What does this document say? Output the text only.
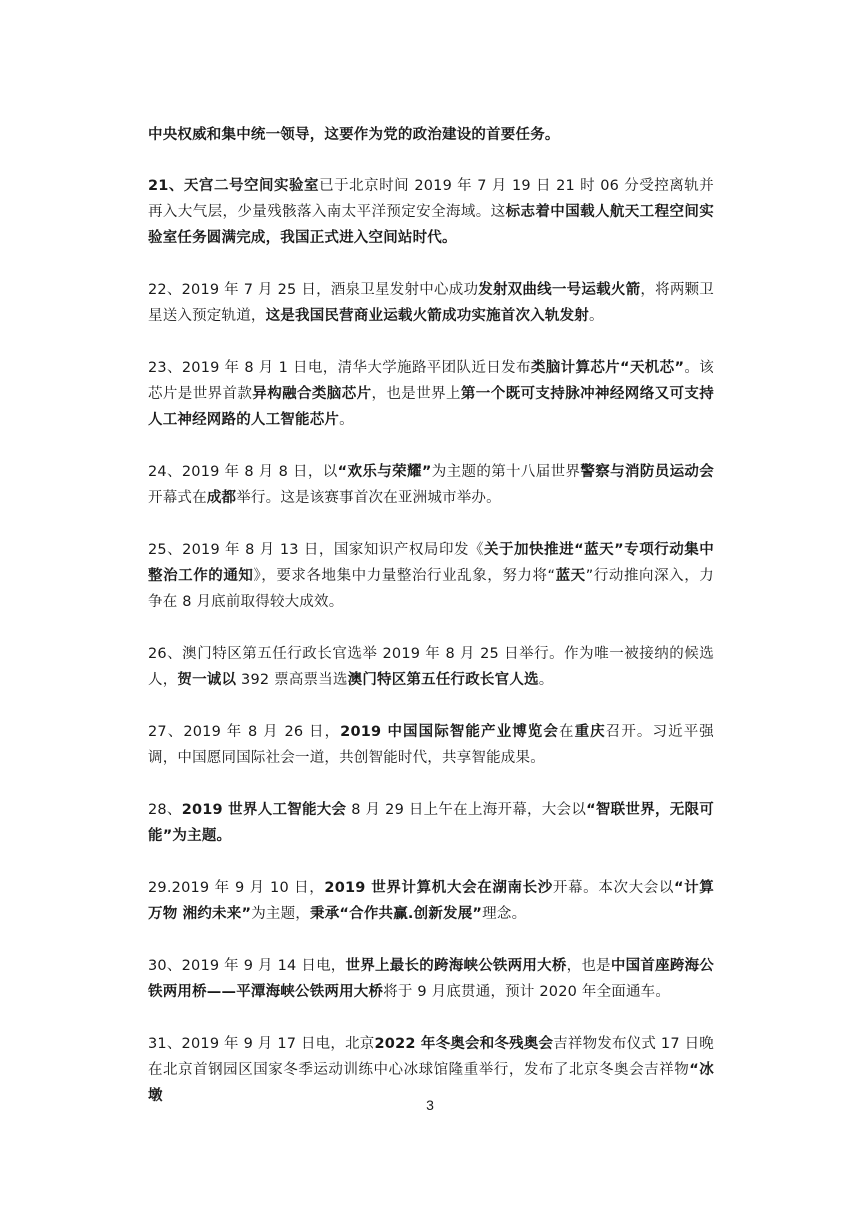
中央权威和集中统一领导，这要作为党的政治建设的首要任务。

21、天宫二号空间实验室已于北京时间 2019 年 7 月 19 日 21 时 06 分受控离轨并再入大气层，少量残骸落入南太平洋预定安全海域。这标志着中国载人航天工程空间实验室任务圆满完成，我国正式进入空间站时代。

22、2019 年 7 月 25 日，酒泉卫星发射中心成功发射双曲线一号运载火箭，将两颗卫星送入预定轨道，这是我国民营商业运载火箭成功实施首次入轨发射。

23、2019 年 8 月 1 日电，清华大学施路平团队近日发布类脑计算芯片“天机芯”。该芯片是世界首款异构融合类脑芯片，也是世界上第一个既可支持脉冲神经网络又可支持人工神经网路的人工智能芯片。

24、2019 年 8 月 8 日，以“欢乐与荣耀”为主题的第十八届世界警察与消防员运动会开幕式在成都举行。这是该赛事首次在亚洲城市举办。

25、2019 年 8 月 13 日，国家知识产权局印发《关于加快推进“蓝天”专项行动集中整治工作的通知》，要求各地集中力量整治行业乱象，努力将“蓝天”行动推向深入，力争在 8 月底前取得较大成效。

26、澳门特区第五任行政长官选举 2019 年 8 月 25 日举行。作为唯一被接纳的候选人，贺一诚以 392 票高票当选澳门特区第五任行政长官人选。

27、2019 年 8 月 26 日，2019 中国国际智能产业博览会在重庆召开。习近平强调，中国愿同国际社会一道，共创智能时代，共享智能成果。

28、2019 世界人工智能大会 8 月 29 日上午在上海开幕，大会以“智联世界，无限可能”为主题。

29.2019 年 9 月 10 日，2019 世界计算机大会在湖南长沙开幕。本次大会以“计算万物 湘约未来”为主题，秉承“合作共赢.创新发展”理念。

30、2019 年 9 月 14 日电，世界上最长的跨海峡公铁两用大桥，也是中国首座跨海公铁两用桥——平潭海峡公铁两用大桥将于 9 月底贯通，预计 2020 年全面通车。

31、2019 年 9 月 17 日电，北京2022 年冬奥会和冬残奥会吉祥物发布仪式 17 日晚在北京首钢园区国家冬季运动训练中心冰球馆隆重举行，发布了北京冬奥会吉祥物“冰墩

3
